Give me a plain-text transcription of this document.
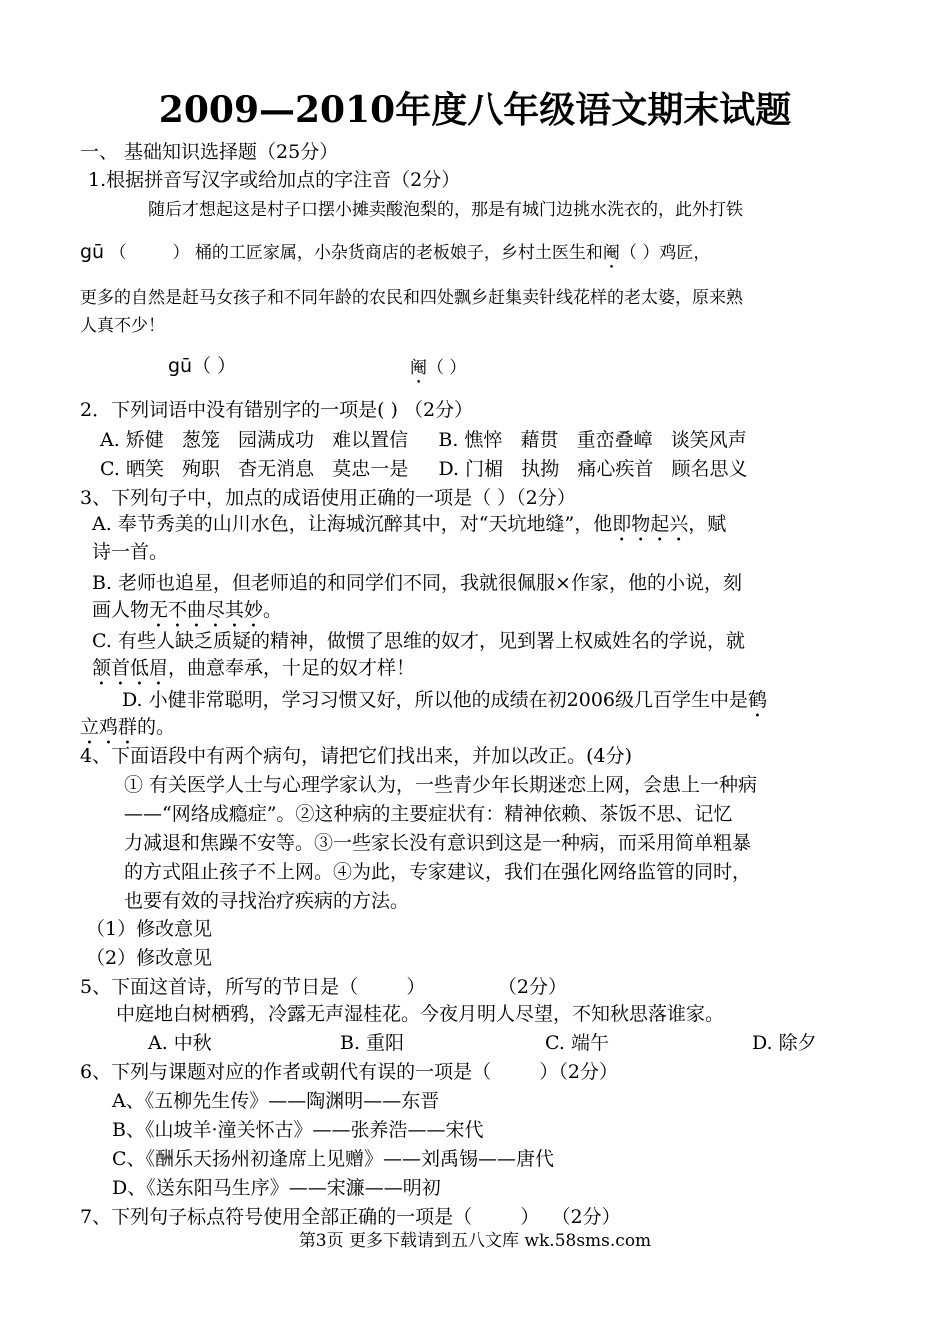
2009—2010年度八年级语文期末试题
一、 基础知识选择题（25分）
1.根据拼音写汉字或给加点的字注音（2分）
随后才想起这是村子口摆小摊卖酸泡梨的，那是有城门边挑水洗衣的，此外打铁
gū （	） 桶的工匠家属，小杂货商店的老板娘子，乡村土医生和阉（ ）鸡匠，
更多的自然是赶马女孩子和不同年龄的农民和四处飘乡赶集卖针线花样的老太婆，原来熟
人真不少！
gū（ ）	阉（ ）
2．下列词语中没有错别字的一项是( ) （2分）
A. 矫健   葱笼   园满成功   难以置信     B. 憔悴   藉贯   重峦叠嶂   谈笑风声
C. 晒笑   殉职   杳无消息   莫忠一是     D. 门楣   执拗   痛心疾首   顾名思义
3、下列句子中，加点的成语使用正确的一项是（ ）（2分）
A. 奉节秀美的山川水色，让海城沉醉其中，对“天坑地缝”，他即物起兴，赋
诗一首。
B. 老师也追星，但老师追的和同学们不同，我就很佩服×作家，他的小说，刻
画人物无不曲尽其妙。
C. 有些人缺乏质疑的精神，做惯了思维的奴才，见到署上权威姓名的学说，就
颔首低眉，曲意奉承，十足的奴才样！
D. 小健非常聪明，学习习惯又好，所以他的成绩在初2006级几百学生中是鹤
立鸡群的。
4、下面语段中有两个病句，请把它们找出来，并加以改正。(4分)
① 有关医学人士与心理学家认为，一些青少年长期迷恋上网，会患上一种病
——“网络成瘾症”。②这种病的主要症状有：精神依赖、茶饭不思、记忆
力减退和焦躁不安等。③一些家长没有意识到这是一种病，而采用简单粗暴
的方式阻止孩子不上网。④为此，专家建议，我们在强化网络监管的同时，
也要有效的寻找治疗疾病的方法。
（1）修改意见
（2）修改意见
5、下面这首诗，所写的节日是（        ）            （2分）
中庭地白树栖鸦，冷露无声湿桂花。今夜月明人尽望，不知秋思落谁家。
A. 中秋	B. 重阳	C. 端午	D. 除夕
6、下列与课题对应的作者或朝代有误的一项是（        ）（2分）
A、《五柳先生传》——陶渊明——东晋
B、《山坡羊·潼关怀古》——张养浩——宋代
C、《酬乐天扬州初逢席上见赠》——刘禹锡——唐代
D、《送东阳马生序》——宋濂——明初
7、下列句子标点符号使用全部正确的一项是（        ）  （2分）
第3页 更多下载请到五八文库 wk.58sms.com
